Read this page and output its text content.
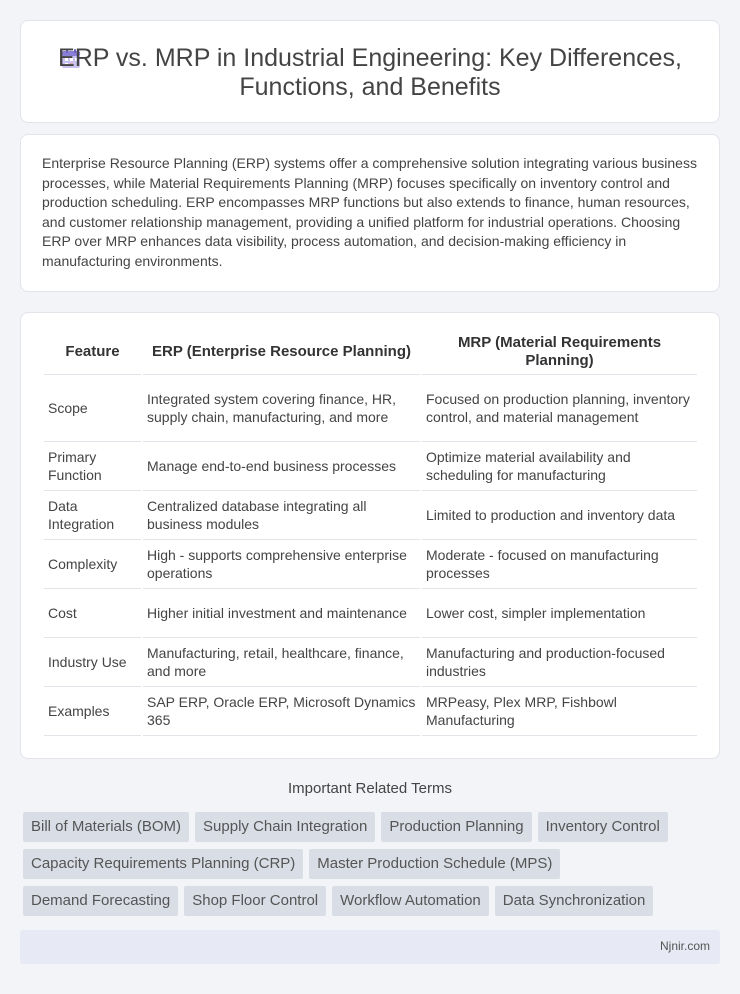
ERP vs. MRP in Industrial Engineering: Key Differences,
Functions, and Benefits

Enterprise Resource Planning (ERP) systems offer a comprehensive solution integrating various business processes, while Material Requirements Planning (MRP) focuses specifically on inventory control and production scheduling. ERP encompasses MRP functions but also extends to finance, human resources, and customer relationship management, providing a unified platform for industrial operations. Choosing ERP over MRP enhances data visibility, process automation, and decision-making efficiency in manufacturing environments.

Feature	ERP (Enterprise Resource Planning)	MRP (Material Requirements Planning)
Scope	Integrated system covering finance, HR, supply chain, manufacturing, and more	Focused on production planning, inventory control, and material management
Primary Function	Manage end-to-end business processes	Optimize material availability and scheduling for manufacturing
Data Integration	Centralized database integrating all business modules	Limited to production and inventory data
Complexity	High - supports comprehensive enterprise operations	Moderate - focused on manufacturing processes
Cost	Higher initial investment and maintenance	Lower cost, simpler implementation
Industry Use	Manufacturing, retail, healthcare, finance, and more	Manufacturing and production-focused industries
Examples	SAP ERP, Oracle ERP, Microsoft Dynamics 365	MRPeasy, Plex MRP, Fishbowl Manufacturing
Important Related Terms
Bill of Materials (BOM)	Supply Chain Integration	Production Planning	Inventory Control
Capacity Requirements Planning (CRP)	Master Production Schedule (MPS)
Demand Forecasting	Shop Floor Control	Workflow Automation	Data Synchronization
Njnir.com
